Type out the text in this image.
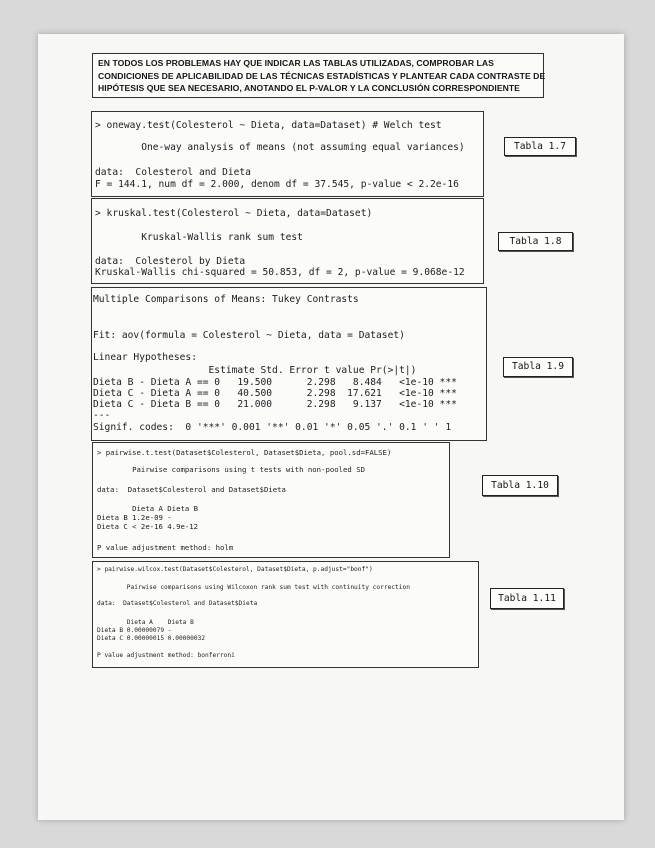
EN TODOS LOS PROBLEMAS HAY QUE INDICAR LAS TABLAS UTILIZADAS, COMPROBAR LAS
CONDICIONES DE APLICABILIDAD DE LAS TÉCNICAS ESTADÍSTICAS Y PLANTEAR CADA CONTRASTE DE
HIPÓTESIS QUE SEA NECESARIO, ANOTANDO EL P-VALOR Y LA CONCLUSIÓN CORRESPONDIENTE
> oneway.test(Colesterol ~ Dieta, data=Dataset) # Welch test
One-way analysis of means (not assuming equal variances)
data:  Colesterol and Dieta
F = 144.1, num df = 2.000, denom df = 37.545, p-value < 2.2e-16
Tabla 1.7
> kruskal.test(Colesterol ~ Dieta, data=Dataset)
Kruskal-Wallis rank sum test
data:  Colesterol by Dieta
Kruskal-Wallis chi-squared = 50.853, df = 2, p-value = 9.068e-12
Tabla 1.8
Multiple Comparisons of Means: Tukey Contrasts
Fit: aov(formula = Colesterol ~ Dieta, data = Dataset)
Linear Hypotheses:
Estimate Std. Error t value Pr(>|t|)
Dieta B - Dieta A == 0   19.500      2.298   8.484   <1e-10 ***
Dieta C - Dieta A == 0   40.500      2.298  17.621   <1e-10 ***
Dieta C - Dieta B == 0   21.000      2.298   9.137   <1e-10 ***
---
Signif. codes:  0 '***' 0.001 '**' 0.01 '*' 0.05 '.' 0.1 ' ' 1
Tabla 1.9
> pairwise.t.test(Dataset$Colesterol, Dataset$Dieta, pool.sd=FALSE)
Pairwise comparisons using t tests with non-pooled SD
data:  Dataset$Colesterol and Dataset$Dieta
Dieta A Dieta B
Dieta B 1.2e-09 -
Dieta C < 2e-16 4.9e-12
P value adjustment method: holm
Tabla 1.10
> pairwise.wilcox.test(Dataset$Colesterol, Dataset$Dieta, p.adjust="bonf")
Pairwise comparisons using Wilcoxon rank sum test with continuity correction
data:  Dataset$Colesterol and Dataset$Dieta
Dieta A    Dieta B
Dieta B 0.00000079 -
Dieta C 0.00000015 0.00000032
P value adjustment method: bonferroni
Tabla 1.11
